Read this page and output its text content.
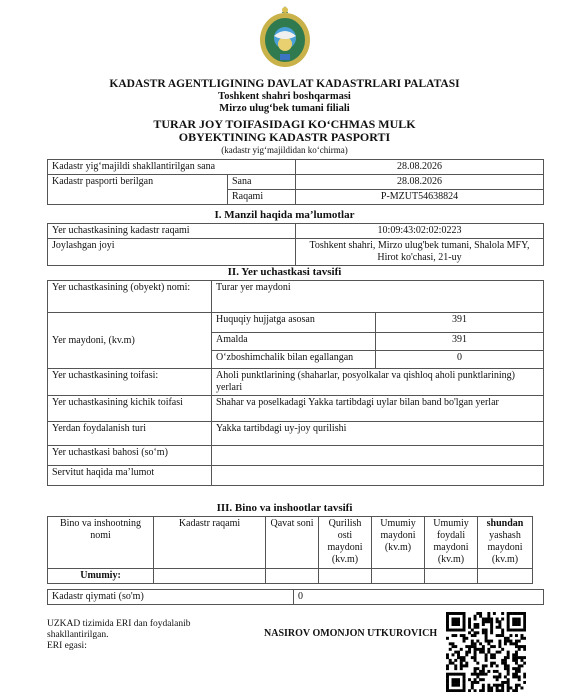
KADASTR AGENTLIGINING DAVLAT KADASTRLARI PALATASI
Toshkent shahri boshqarmasi
Mirzo ulug‘bek tumani filiali
TURAR JOY TOIFASIDAGI KO‘CHMAS MULK
OBYEKTINING KADASTR PASPORTI
(kadastr yig‘majildidan ko‘chirma)
Kadastr yig‘majildi shakllantirilgan sana		28.08.2026
Kadastr pasporti berilgan	Sana	28.08.2026
	Raqami	P-MZUT54638824
I. Manzil haqida ma’lumotlar
Yer uchastkasining kadastr raqami	10:09:43:02:02:0223
Joylashgan joyi	Toshkent shahri, Mirzo ulug'bek tumani, Shalola MFY, Hirot ko'chasi, 21-uy
II. Yer uchastkasi tavsifi
Yer uchastkasining (obyekt) nomi:	Turar yer maydoni	
Yer maydoni, (kv.m)	Huquqiy hujjatga asosan	391
	Amalda	391
	O‘zboshimchalik bilan egallangan	0
Yer uchastkasining toifasi:	Aholi punktlarining (shaharlar, posyolkalar va qishloq aholi punktlarining) yerlari	
Yer uchastkasining kichik toifasi	Shahar va poselkadagi Yakka tartibdagi uylar bilan band bo'lgan yerlar	
Yerdan foydalanish turi	Yakka tartibdagi uy-joy qurilishi	
Yer uchastkasi bahosi (so‘m)		
Servitut haqida ma’lumot		
III. Bino va inshootlar tavsifi
Bino va inshootning nomi	Kadastr raqami	Qavat soni	Qurilish osti maydoni (kv.m)	Umumiy maydoni (kv.m)	Umumiy foydali maydoni (kv.m)	shundan yashash maydoni (kv.m)
Umumiy:						
Kadastr qiymati (so'm)	0
UZKAD tizimida ERI dan foydalanib
shakllantirilgan.
ERI egasi:
NASIROV OMONJON UTKUROVICH
